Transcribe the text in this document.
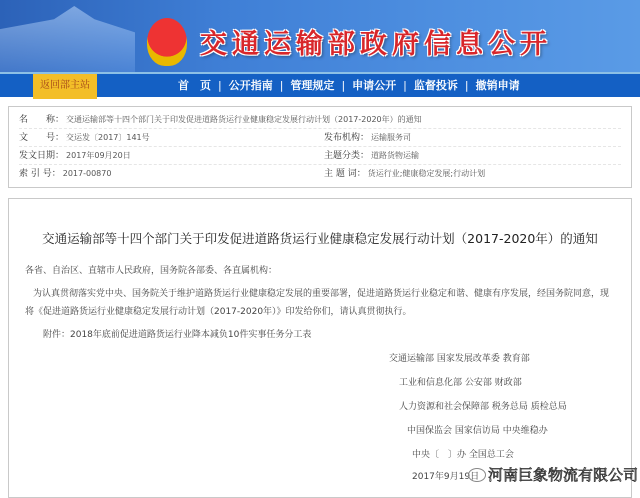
交通运输部政府信息公开
返回部主站	首　页 | 公开指南 | 管理规定 | 申请公开 | 监督投诉 | 撤销申请
名　　称： 交通运输部等十四个部门关于印发促进道路货运行业健康稳定发展行动计划（2017-2020年）的通知
文　　号： 交运发〔2017〕141号	发布机构： 运输服务司
发文日期： 2017年09月20日	主题分类： 道路货物运输
索 引 号： 2017-00870	主 题 词： 货运行业;健康稳定发展;行动计划
交通运输部等十四个部门关于印发促进道路货运行业健康稳定发展行动计划（2017-2020年）的通知
各省、自治区、直辖市人民政府，国务院各部委、各直属机构：
为认真贯彻落实党中央、国务院关于维护道路货运行业健康稳定发展的重要部署，促进道路货运行业稳定和谐、健康有序发展，经国务院同意，现
将《促进道路货运行业健康稳定发展行动计划（2017-2020年）》印发给你们，请认真贯彻执行。
附件：2018年底前促进道路货运行业降本减负10件实事任务分工表
交通运输部 国家发展改革委 教育部
工业和信息化部 公安部 财政部
人力资源和社会保障部 税务总局 质检总局
中国保监会 国家信访局 中央维稳办
中央〔　〕办 全国总工会
2017年9月19日 河南巨象物流有限公司
